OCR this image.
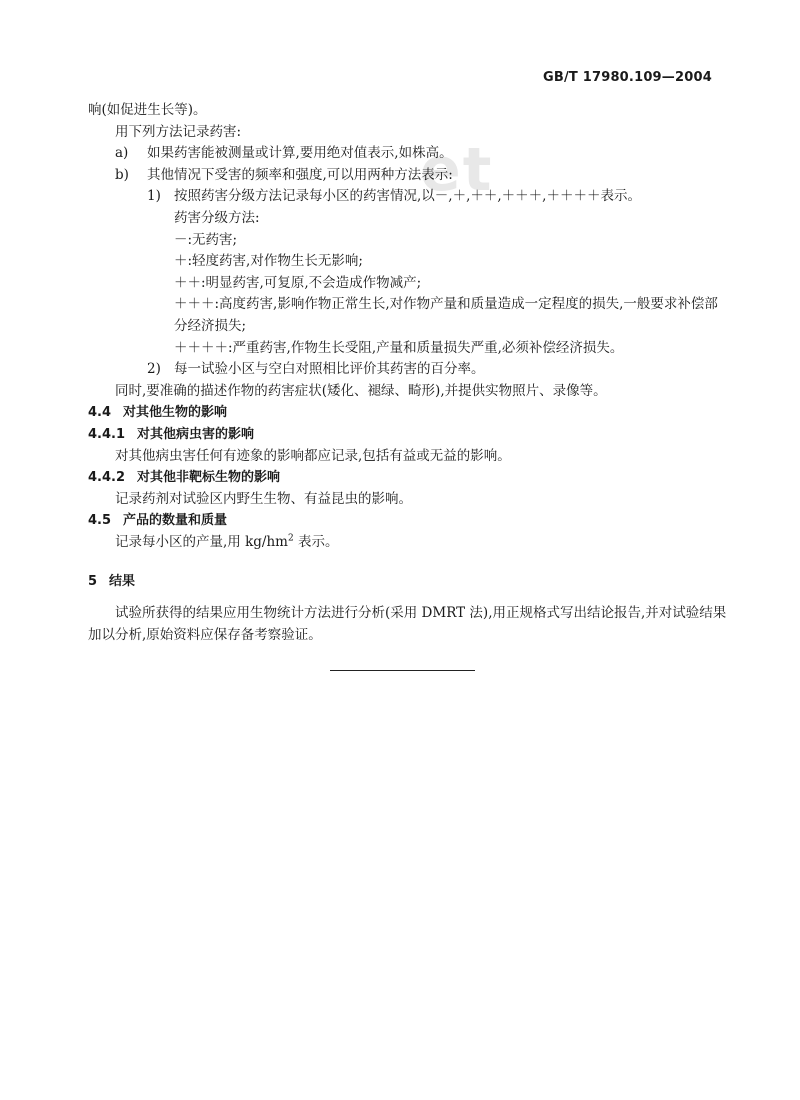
GB/T 17980.109—2004
et
响(如促进生长等)。
用下列方法记录药害:
a) 如果药害能被测量或计算,要用绝对值表示,如株高。
b) 其他情况下受害的频率和强度,可以用两种方法表示:
1) 按照药害分级方法记录每小区的药害情况,以－,＋,＋＋,＋＋＋,＋＋＋＋表示。
药害分级方法:
－:无药害;
＋:轻度药害,对作物生长无影响;
＋＋:明显药害,可复原,不会造成作物减产;
＋＋＋:高度药害,影响作物正常生长,对作物产量和质量造成一定程度的损失,一般要求补偿部分经济损失;
＋＋＋＋:严重药害,作物生长受阻,产量和质量损失严重,必须补偿经济损失。
2) 每一试验小区与空白对照相比评价其药害的百分率。
同时,要准确的描述作物的药害症状(矮化、褪绿、畸形),并提供实物照片、录像等。
4.4 对其他生物的影响
4.4.1 对其他病虫害的影响
对其他病虫害任何有迹象的影响都应记录,包括有益或无益的影响。
4.4.2 对其他非靶标生物的影响
记录药剂对试验区内野生生物、有益昆虫的影响。
4.5 产品的数量和质量
记录每小区的产量,用 $kg/hm^2$ 表示。
5 结果
试验所获得的结果应用生物统计方法进行分析(采用 DMRT 法),用正规格式写出结论报告,并对试验结果加以分析,原始资料应保存备考察验证。
